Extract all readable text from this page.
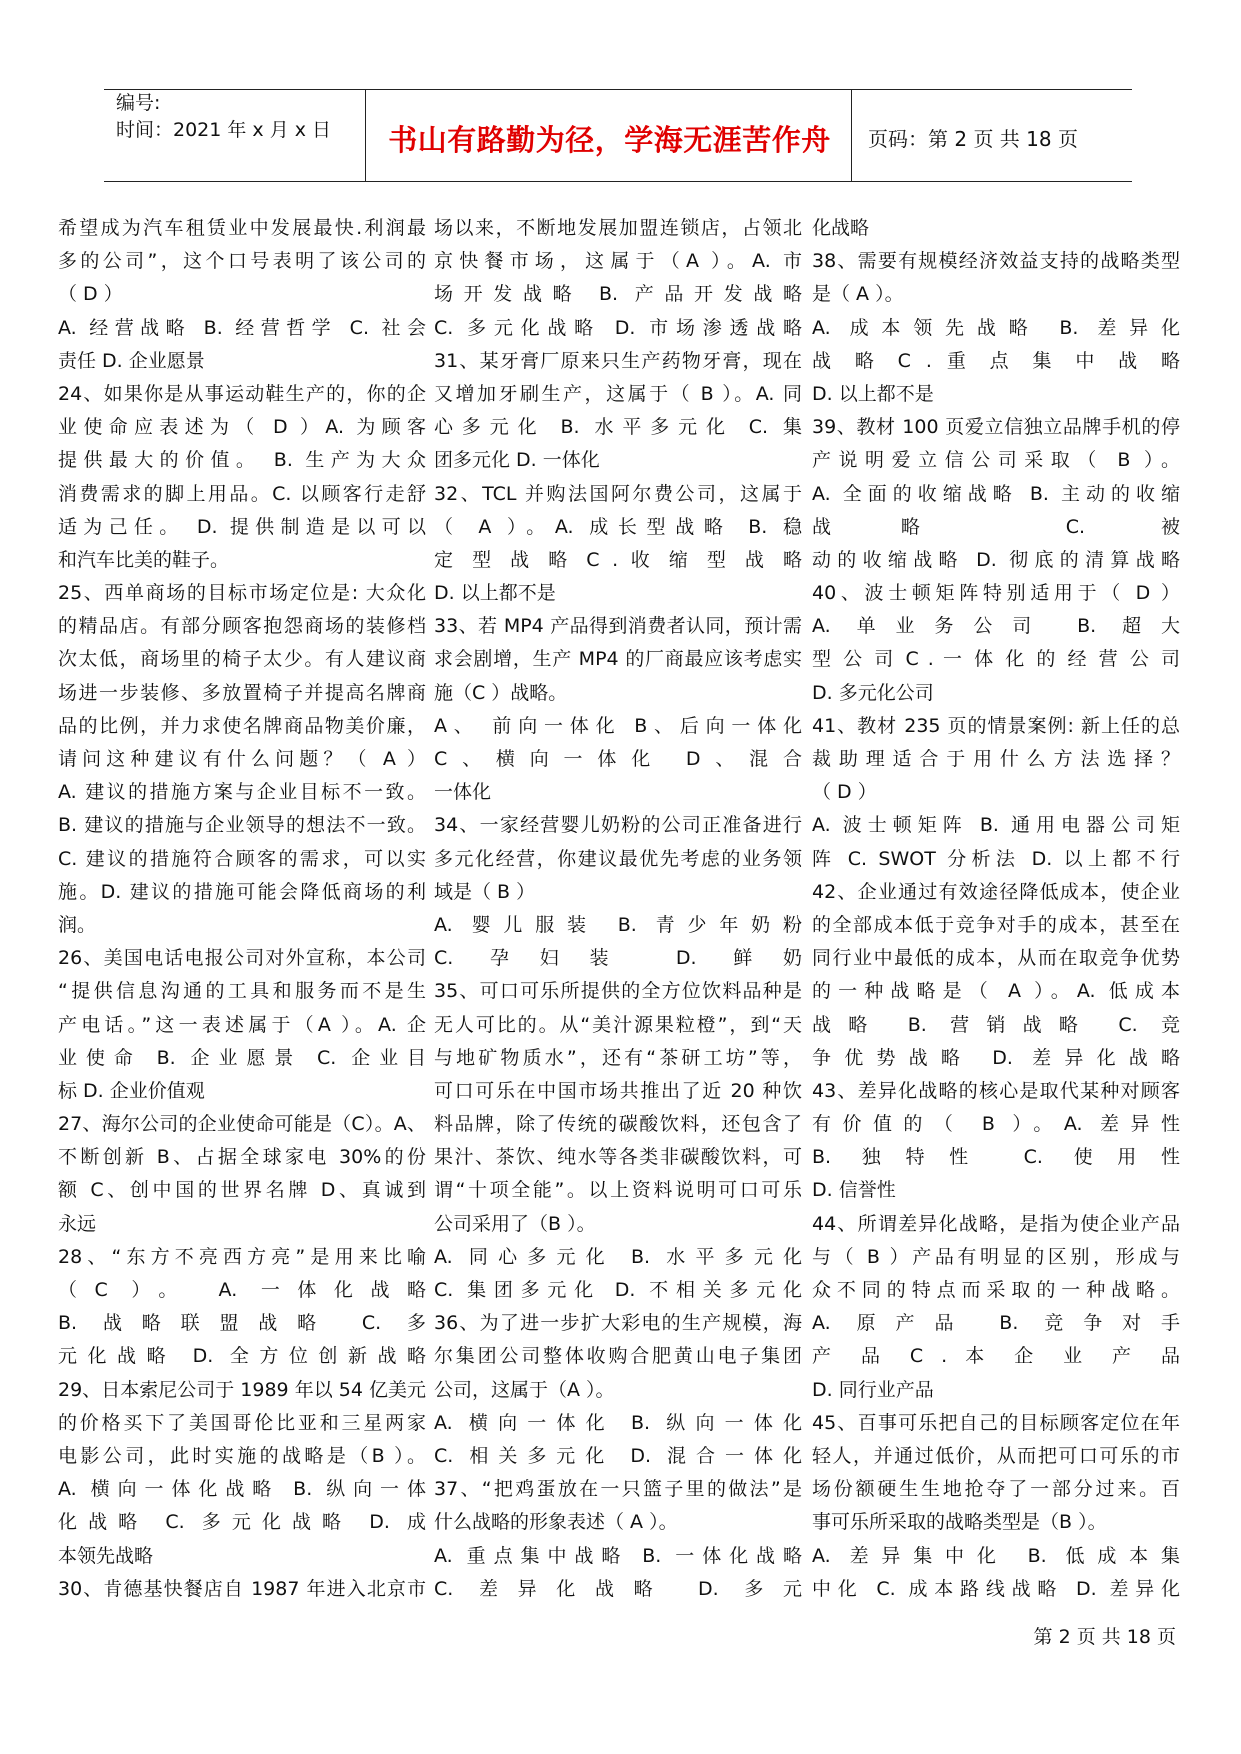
编号:
时间：2021 年 x 月 x 日	书山有路勤为径，学海无涯苦作舟	页码：第 2 页 共 18 页

希望成为汽车租赁业中发展最快.利润最

多的公司”，这个口号表明了该公司的

（ D ）

A. 经营战略 B. 经营哲学 C. 社会

责任 D. 企业愿景

24、如果你是从事运动鞋生产的，你的企

业使命应表述为（ D ）A. 为顾客

提供最大的价值。 B. 生产为大众

消费需求的脚上用品。C. 以顾客行走舒

适为己任。 D. 提供制造是以可以

和汽车比美的鞋子。

25、西单商场的目标市场定位是: 大众化

的精品店。有部分顾客抱怨商场的装修档

次太低，商场里的椅子太少。有人建议商

场进一步装修、多放置椅子并提高名牌商

品的比例，并力求使名牌商品物美价廉，

请问这种建议有什么问题？（ A ）

A. 建议的措施方案与企业目标不一致。

B. 建议的措施与企业领导的想法不一致。

C. 建议的措施符合顾客的需求，可以实

施。D. 建议的措施可能会降低商场的利

润。

26、美国电话电报公司对外宣称，本公司

“提供信息沟通的工具和服务而不是生

产电话。”这一表述属于（A ）。A. 企

业使命 B. 企业愿景 C. 企业目

标 D. 企业价值观

27、海尔公司的企业使命可能是（C）。A、

不断创新 B、占据全球家电 30%的份

额 C、创中国的世界名牌 D、真诚到

永远

28、“东方不亮西方亮”是用来比喻

（C ）。 A. 一体化战略

B. 战略联盟战略 C. 多

元化战略 D. 全方位创新战略

29、日本索尼公司于 1989 年以 54 亿美元

的价格买下了美国哥伦比亚和三星两家

电影公司，此时实施的战略是（B ）。

A. 横向一体化战略 B. 纵向一体

化战略 C. 多元化战略 D. 成

本领先战略

30、肯德基快餐店自 1987 年进入北京市

场以来，不断地发展加盟连锁店，占领北

京快餐市场，这属于（A ）。A. 市

场开发战略 B. 产品开发战略

C. 多元化战略 D. 市场渗透战略

31、某牙膏厂原来只生产药物牙膏，现在

又增加牙刷生产，这属于（ B ）。A. 同

心多元化 B. 水平多元化 C. 集

团多元化 D. 一体化

32、TCL 并购法国阿尔费公司，这属于

（ A ）。A. 成长型战略 B. 稳

定 型 战 略 C . 收 缩 型 战 略

D. 以上都不是

33、若 MP4 产品得到消费者认同，预计需

求会剧增，生产 MP4 的厂商最应该考虑实

施（C ）战略。

A、 前向一体化 B、后向一体化

C、横向一体化 D、混合

一体化

34、一家经营婴儿奶粉的公司正准备进行

多元化经营，你建议最优先考虑的业务领

域是（ B ）

A. 婴儿服装 B. 青少年奶粉

C. 孕妇装 D. 鲜奶

35、可口可乐所提供的全方位饮料品种是

无人可比的。从“美汁源果粒橙”，到“天

与地矿物质水”，还有“茶研工坊”等，

可口可乐在中国市场共推出了近 20 种饮

料品牌，除了传统的碳酸饮料，还包含了

果汁、茶饮、纯水等各类非碳酸饮料，可

谓“十项全能”。以上资料说明可口可乐

公司采用了（B ）。

A. 同心多元化 B. 水平多元化

C. 集团多元化 D. 不相关多元化

36、为了进一步扩大彩电的生产规模，海

尔集团公司整体收购合肥黄山电子集团

公司，这属于（A ）。

A. 横向一体化 B. 纵向一体化

C. 相关多元化 D. 混合一体化

37、“把鸡蛋放在一只篮子里的做法”是

什么战略的形象表述（ A ）。

A. 重点集中战略 B. 一体化战略

C. 差异化战略 D. 多元

化战略

38、需要有规模经济效益支持的战略类型

是（ A ）。

A. 成本领先战略 B. 差异化

战 略 C . 重 点 集 中 战 略

D. 以上都不是

39、教材 100 页爱立信独立品牌手机的停

产说明爱立信公司采取（ B ）。

A. 全面的收缩战略 B. 主动的收缩

战略 C. 被

动的收缩战略 D. 彻底的清算战略

40、波士顿矩阵特别适用于（ D ）

A. 单业务公司 B. 超大

型 公 司 C . 一 体 化 的 经 营 公 司

D. 多元化公司

41、教材 235 页的情景案例: 新上任的总

裁 助 理 适 合 于 用 什 么 方 法 选 择 ？

（ D ）

A. 波士顿矩阵 B. 通用电器公司矩

阵 C. SWOT 分析法 D. 以上都不行

42、企业通过有效途径降低成本，使企业

的全部成本低于竞争对手的成本，甚至在

同行业中最低的成本，从而在取竞争优势

的一种战略是（ A ）。A. 低成本

战略 B. 营销战略 C. 竞

争优势战略 D. 差异化战略

43、差异化战略的核心是取代某种对顾客

有价值的（ B ）。A. 差异性

B. 独特性 C. 使用性

D. 信誉性

44、所谓差异化战略，是指为使企业产品

与（ B ）产品有明显的区别，形成与

众不同的特点而采取的一种战略。

A. 原产品 B. 竞争对手

产 品 C . 本 企 业 产 品

D. 同行业产品

45、百事可乐把自己的目标顾客定位在年

轻人，并通过低价，从而把可口可乐的市

场份额硬生生地抢夺了一部分过来。百

事可乐所采取的战略类型是（B ）。

A. 差异集中化 B. 低成本集

中化 C. 成本路线战略 D. 差异化

第 2 页 共 18 页
